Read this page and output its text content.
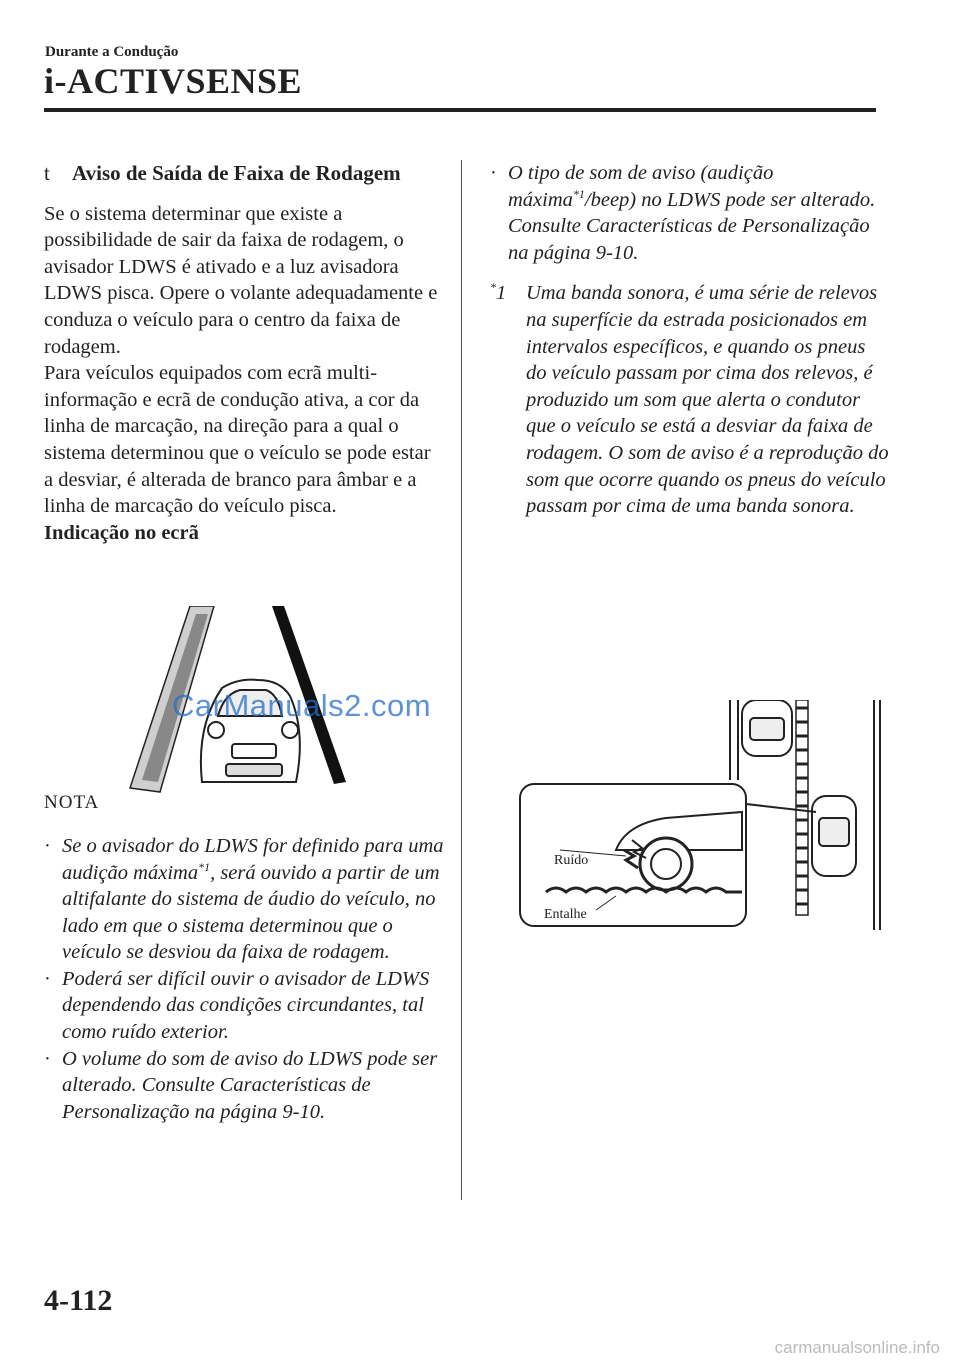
Durante a Condução
i-ACTIVSENSE
t	Aviso de Saída de Faixa de Rodagem

Se o sistema determinar que existe a possibilidade de sair da faixa de rodagem, o avisador LDWS é ativado e a luz avisadora LDWS pisca. Opere o volante adequadamente e conduza o veículo para o centro da faixa de rodagem.

Para veículos equipados com ecrã multi-informação e ecrã de condução ativa, a cor da linha de marcação, na direção para a qual o sistema determinou que o veículo se pode estar a desviar, é alterada de branco para âmbar e a linha de marcação do veículo pisca.

Indicação no ecrã

NOTA
· Se o avisador do LDWS for definido para uma audição máxima$^{*1}$, será ouvido a partir de um altifalante do sistema de áudio do veículo, no lado em que o sistema determinou que o veículo se desviou da faixa de rodagem.
· Poderá ser difícil ouvir o avisador de LDWS dependendo das condições circundantes, tal como ruído exterior.
· O volume do som de aviso do LDWS pode ser alterado. Consulte Características de Personalização na página 9-10.
· O tipo de som de aviso (audição máxima$^{*1}$/beep) no LDWS pode ser alterado. Consulte Características de Personalização na página 9-10.
*1 Uma banda sonora, é uma série de relevos na superfície da estrada posicionados em intervalos específicos, e quando os pneus do veículo passam por cima dos relevos, é produzido um som que alerta o condutor que o veículo se está a desviar da faixa de rodagem. O som de aviso é a reprodução do som que ocorre quando os pneus do veículo passam por cima de uma banda sonora.
CarManuals2.com
Ruído
Entalhe
4-112
carmanualsonline.info
